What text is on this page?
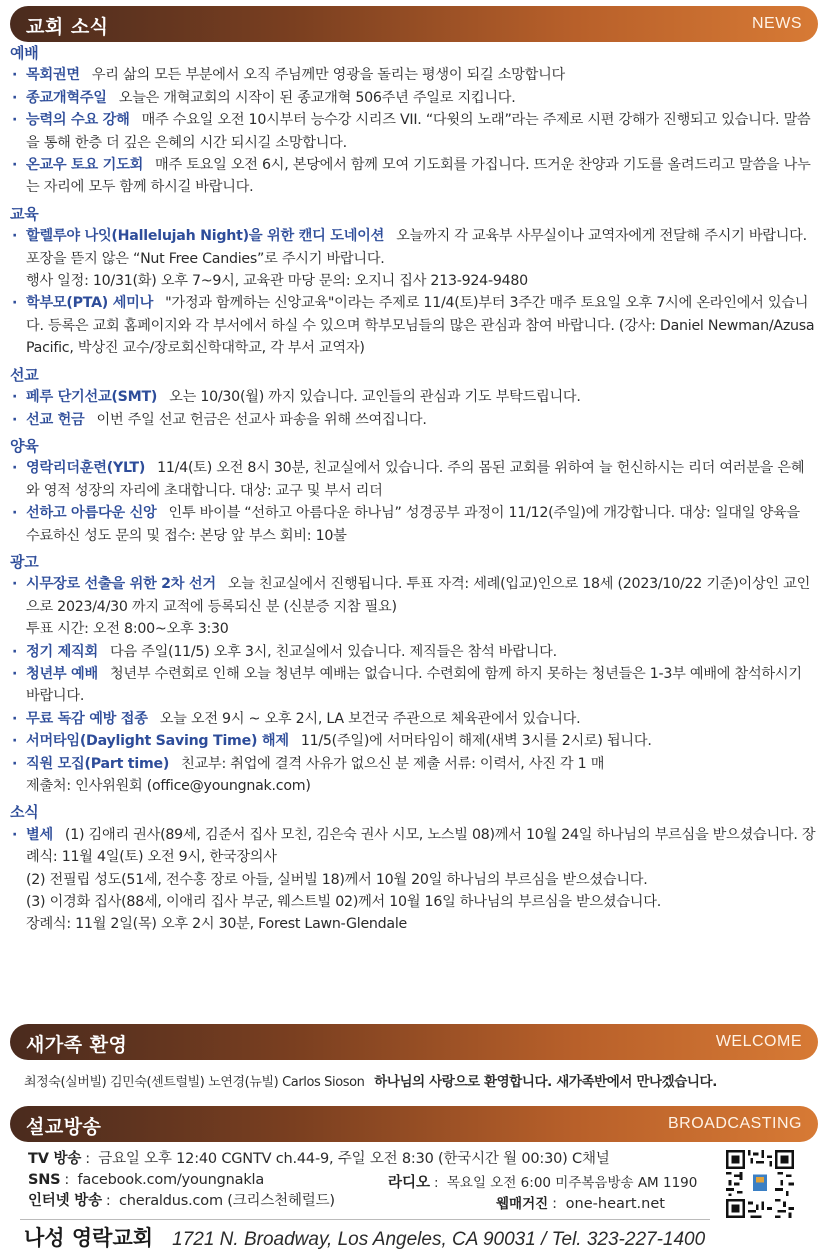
교회 소식	NEWS
예배
· 목회권면 우리 삶의 모든 부분에서 오직 주님께만 영광을 돌리는 평생이 되길 소망합니다
· 종교개혁주일 오늘은 개혁교회의 시작이 된 종교개혁 506주년 주일로 지킵니다.
· 능력의 수요 강해 매주 수요일 오전 10시부터 능수강 시리즈 VII. “다윗의 노래”라는 주제로 시편 강해가 진행되고 있습니다. 말씀을 통해 한층 더 깊은 은혜의 시간 되시길 소망합니다.
· 온교우 토요 기도회 매주 토요일 오전 6시, 본당에서 함께 모여 기도회를 가집니다. 뜨거운 찬양과 기도를 올려드리고 말씀을 나누는 자리에 모두 함께 하시길 바랍니다.
교육
· 할렐루야 나잇(Hallelujah Night)을 위한 캔디 도네이션 오늘까지 각 교육부 사무실이나 교역자에게 전달해 주시기 바랍니다. 포장을 뜯지 않은 “Nut Free Candies”로 주시기 바랍니다.
행사 일정: 10/31(화) 오후 7~9시, 교육관 마당 문의: 오지니 집사 213-924-9480
· 학부모(PTA) 세미나 "가정과 함께하는 신앙교육"이라는 주제로 11/4(토)부터 3주간 매주 토요일 오후 7시에 온라인에서 있습니다. 등록은 교회 홈페이지와 각 부서에서 하실 수 있으며 학부모님들의 많은 관심과 참여 바랍니다. (강사: Daniel Newman/Azusa Pacific, 박상진 교수/장로회신학대학교, 각 부서 교역자)
선교
· 페루 단기선교(SMT) 오는 10/30(월) 까지 있습니다. 교인들의 관심과 기도 부탁드립니다.
· 선교 헌금 이번 주일 선교 헌금은 선교사 파송을 위해 쓰여집니다.
양육
· 영락리더훈련(YLT) 11/4(토) 오전 8시 30분, 친교실에서 있습니다. 주의 몸된 교회를 위하여 늘 헌신하시는 리더 여러분을 은혜와 영적 성장의 자리에 초대합니다. 대상: 교구 및 부서 리더
· 선하고 아름다운 신앙 인투 바이블 “선하고 아름다운 하나님” 성경공부 과정이 11/12(주일)에 개강합니다. 대상: 일대일 양육을 수료하신 성도 문의 및 접수: 본당 앞 부스 회비: 10불
광고
· 시무장로 선출을 위한 2차 선거 오늘 친교실에서 진행됩니다. 투표 자격: 세례(입교)인으로 18세 (2023/10/22 기준)이상인 교인으로 2023/4/30 까지 교적에 등록되신 분 (신분증 지참 필요)
투표 시간: 오전 8:00~오후 3:30
· 정기 제직회 다음 주일(11/5) 오후 3시, 친교실에서 있습니다. 제직들은 참석 바랍니다.
· 청년부 예배 청년부 수련회로 인해 오늘 청년부 예배는 없습니다. 수련회에 함께 하지 못하는 청년들은 1-3부 예배에 참석하시기 바랍니다.
· 무료 독감 예방 접종 오늘 오전 9시 ~ 오후 2시, LA 보건국 주관으로 체육관에서 있습니다.
· 서머타임(Daylight Saving Time) 해제 11/5(주일)에 서머타임이 해제(새벽 3시를 2시로) 됩니다.
· 직원 모집(Part time) 친교부: 취업에 결격 사유가 없으신 분 제출 서류: 이력서, 사진 각 1 매
제출처: 인사위원회 (office@youngnak.com)
소식
· 별세 (1) 김애리 권사(89세, 김준서 집사 모친, 김은숙 권사 시모, 노스빌 08)께서 10월 24일 하나님의 부르심을 받으셨습니다. 장례식: 11월 4일(토) 오전 9시, 한국장의사
(2) 전필립 성도(51세, 전수홍 장로 아들, 실버빌 18)께서 10월 20일 하나님의 부르심을 받으셨습니다.
(3) 이경화 집사(88세, 이애리 집사 부군, 웨스트빌 02)께서 10월 16일 하나님의 부르심을 받으셨습니다.
장례식: 11월 2일(목) 오후 2시 30분, Forest Lawn-Glendale
새가족 환영	WELCOME
최정숙(실버빌) 김민숙(센트럴빌) 노연경(뉴빌) Carlos Sioson 하나님의 사랑으로 환영합니다. 새가족반에서 만나겠습니다.
설교방송	BROADCASTING
TV 방송 : 금요일 오후 12:40 CGNTV ch.44-9, 주일 오전 8:30 (한국시간 월 00:30) C채널
SNS : facebook.com/youngnakla
인터넷 방송 : cheraldus.com (크리스천헤럴드)
라디오 : 목요일 오전 6:00 미주복음방송 AM 1190
웹매거진 : one-heart.net
나성 영락교회 1721 N. Broadway, Los Angeles, CA 90031 / Tel. 323-227-1400
